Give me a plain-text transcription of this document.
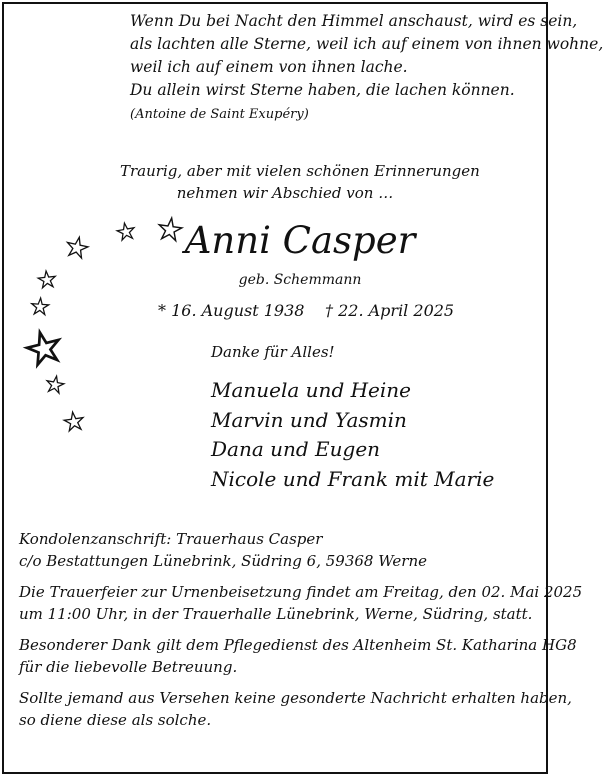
Wenn Du bei Nacht den Himmel anschaust, wird es sein,
als lachten alle Sterne, weil ich auf einem von ihnen wohne,
weil ich auf einem von ihnen lache.
Du allein wirst Sterne haben, die lachen können.
(Antoine de Saint Exupéry)
Traurig, aber mit vielen schönen Erinnerungen
nehmen wir Abschied von …
Anni Casper
geb. Schemmann
* 16. August 1938 † 22. April 2025
Danke für Alles!
Manuela und Heine
Marvin und Yasmin
Dana und Eugen
Nicole und Frank mit Marie

Kondolenzanschrift: Trauerhaus Casper
c/o Bestattungen Lünebrink, Südring 6, 59368 Werne

Die Trauerfeier zur Urnenbeisetzung findet am Freitag, den 02. Mai 2025
um 11:00 Uhr, in der Trauerhalle Lünebrink, Werne, Südring, statt.

Besonderer Dank gilt dem Pflegedienst des Altenheim St. Katharina HG8
für die liebevolle Betreuung.

Sollte jemand aus Versehen keine gesonderte Nachricht erhalten haben,
so diene diese als solche.
